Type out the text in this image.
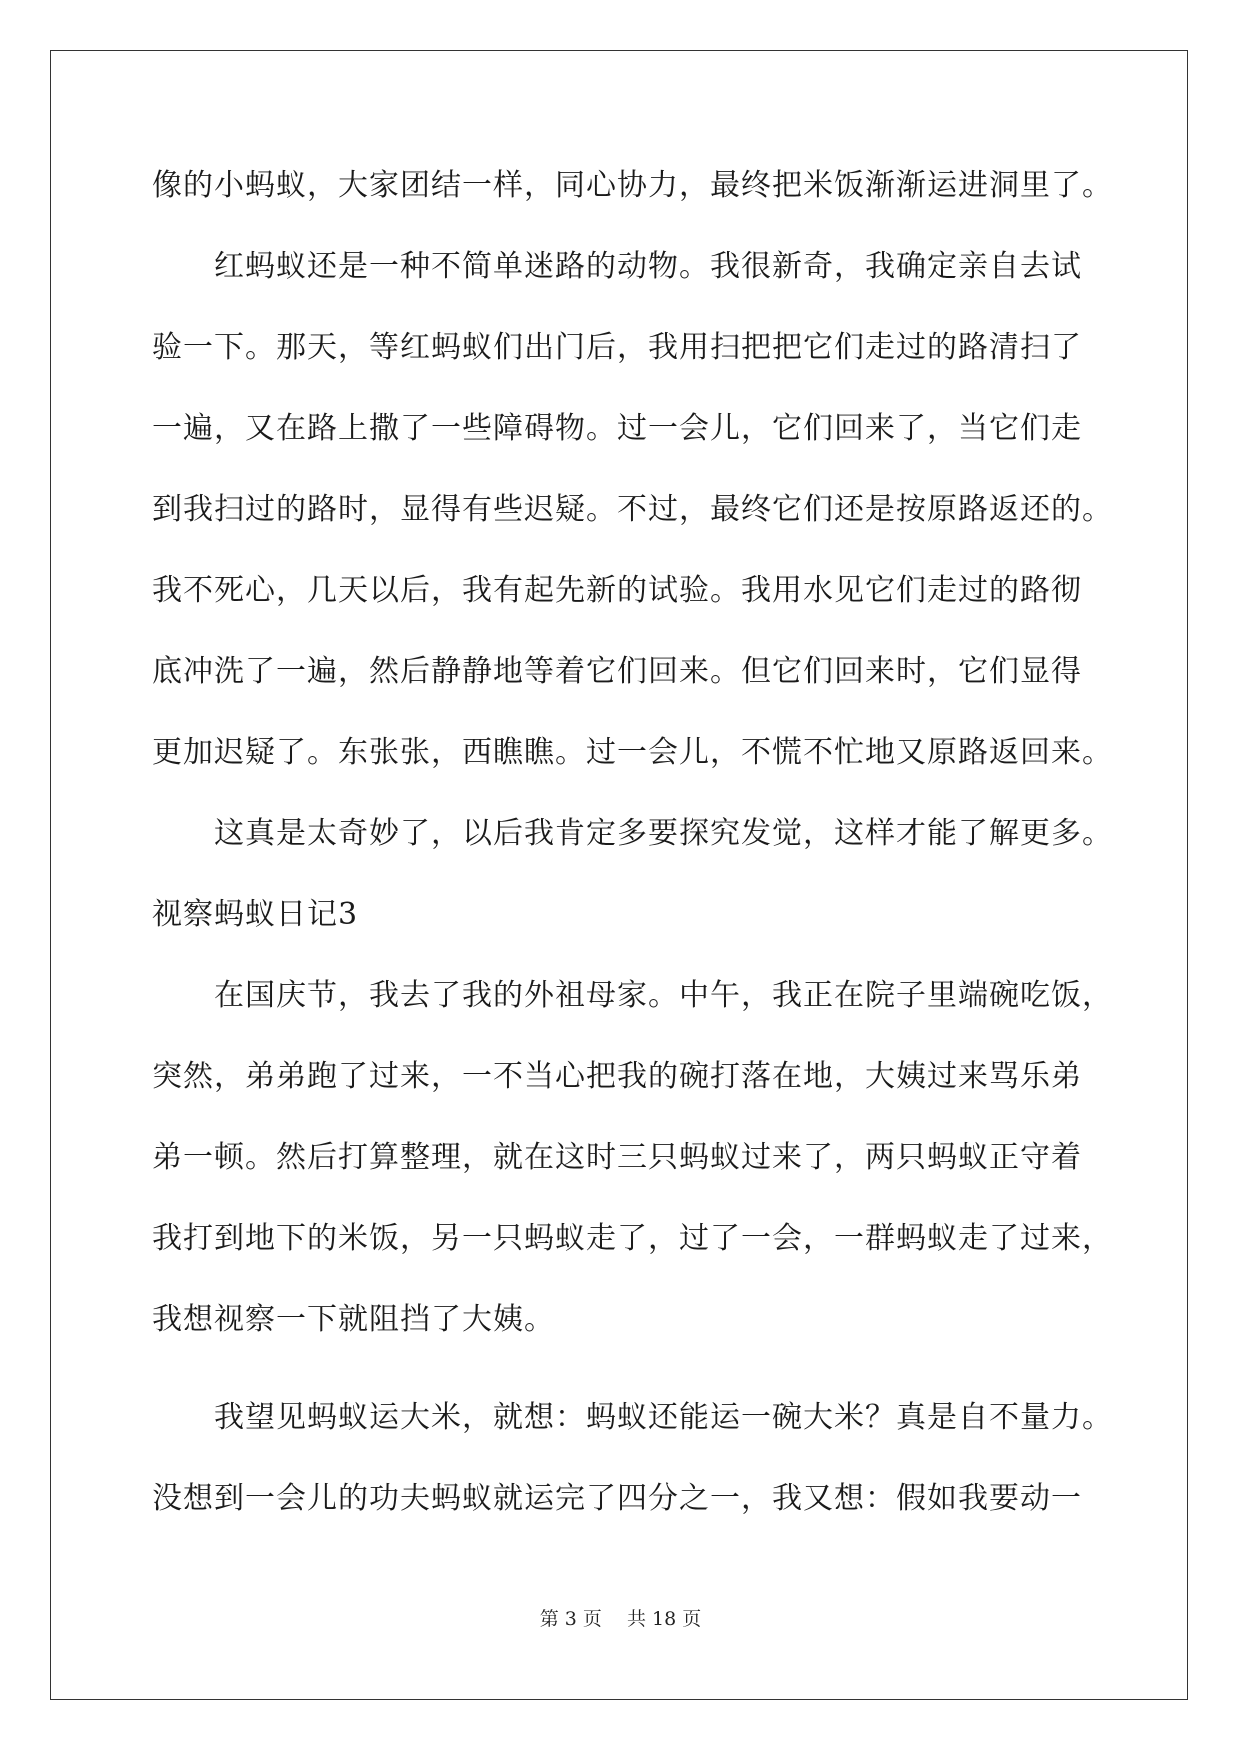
像的小蚂蚁，大家团结一样，同心协力，最终把米饭渐渐运进洞里了。
红蚂蚁还是一种不简单迷路的动物。我很新奇，我确定亲自去试
验一下。那天，等红蚂蚁们出门后，我用扫把把它们走过的路清扫了
一遍，又在路上撒了一些障碍物。过一会儿，它们回来了，当它们走
到我扫过的路时，显得有些迟疑。不过，最终它们还是按原路返还的。
我不死心，几天以后，我有起先新的试验。我用水见它们走过的路彻
底冲洗了一遍，然后静静地等着它们回来。但它们回来时，它们显得
更加迟疑了。东张张，西瞧瞧。过一会儿，不慌不忙地又原路返回来。
这真是太奇妙了，以后我肯定多要探究发觉，这样才能了解更多。
视察蚂蚁日记3
在国庆节，我去了我的外祖母家。中午，我正在院子里端碗吃饭，
突然，弟弟跑了过来，一不当心把我的碗打落在地，大姨过来骂乐弟
弟一顿。然后打算整理，就在这时三只蚂蚁过来了，两只蚂蚁正守着
我打到地下的米饭，另一只蚂蚁走了，过了一会，一群蚂蚁走了过来，
我想视察一下就阻挡了大姨。
我望见蚂蚁运大米，就想：蚂蚁还能运一碗大米？真是自不量力。
没想到一会儿的功夫蚂蚁就运完了四分之一，我又想：假如我要动一
第 3 页　 共 18 页
